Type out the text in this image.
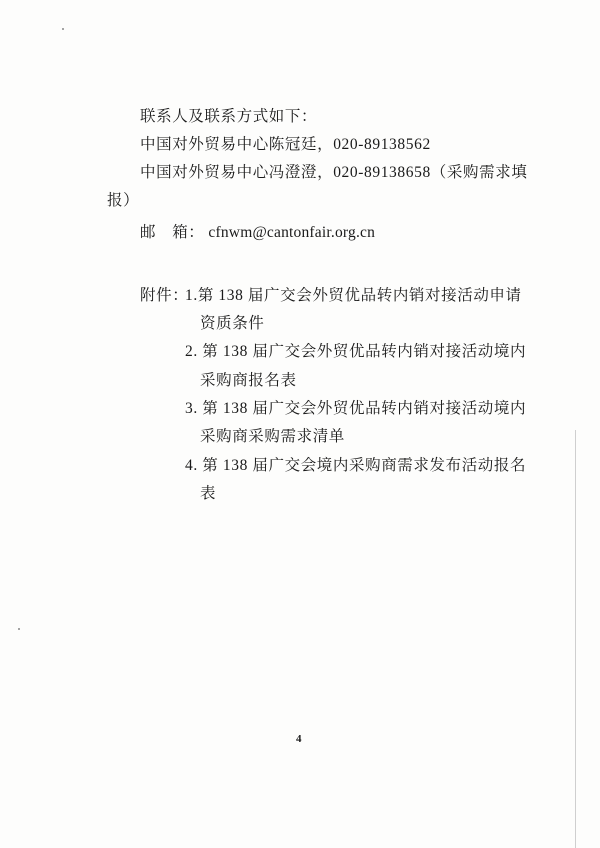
联系人及联系方式如下：
中国对外贸易中心陈冠廷，020-89138562
中国对外贸易中心冯澄澄，020-89138658（采购需求填
报）
邮　箱： cfnwm@cantonfair.org.cn
附件：
1.第 138 届广交会外贸优品转内销对接活动申请
资质条件
2. 第 138 届广交会外贸优品转内销对接活动境内
采购商报名表
3. 第 138 届广交会外贸优品转内销对接活动境内
采购商采购需求清单
4. 第 138 届广交会境内采购商需求发布活动报名
表
4
